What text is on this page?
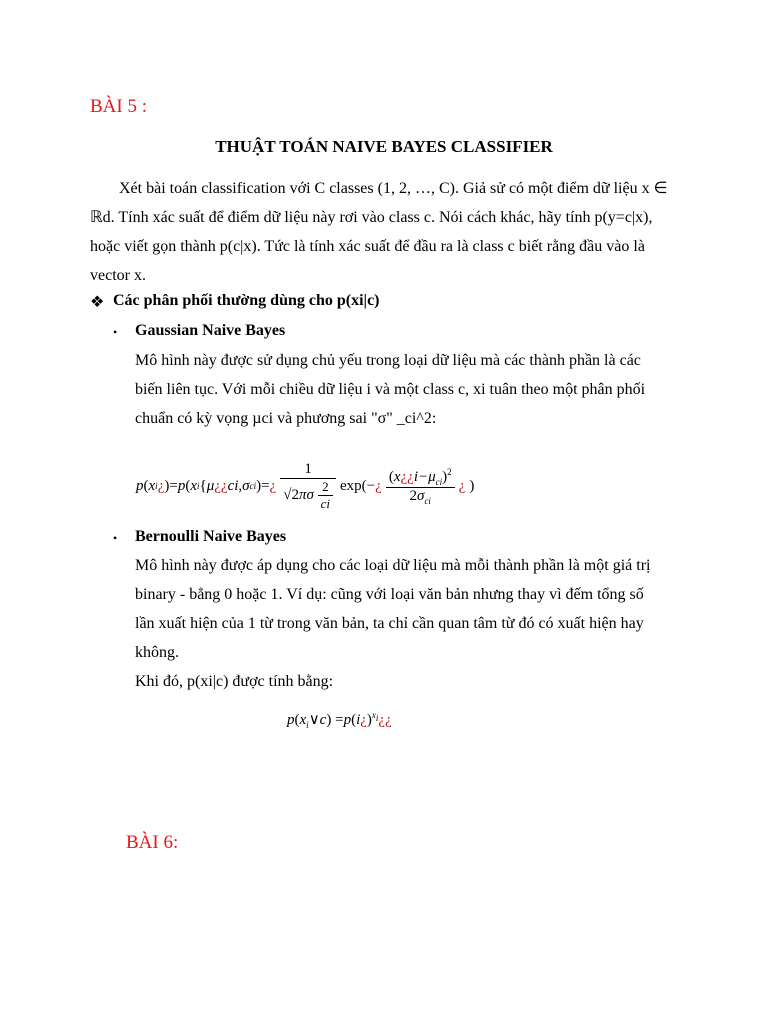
BÀI 5 :
THUẬT TOÁN NAIVE BAYES CLASSIFIER
Xét bài toán classification với C classes (1, 2, …, C). Giả sử có một điểm dữ liệu x ∈
ℝd. Tính xác suất để điểm dữ liệu này rơi vào class c. Nói cách khác, hãy tính p(y=c|x),
hoặc viết gọn thành p(c|x). Tức là tính xác suất để đầu ra là class c biết rằng đầu vào là
vector x.
❖ Các phân phối thường dùng cho p(xi|c)
• Gaussian Naive Bayes
Mô hình này được sử dụng chủ yếu trong loại dữ liệu mà các thành phần là các
biến liên tục. Với mỗi chiều dữ liệu i và một class c, xi tuân theo một phân phối
chuẩn có kỳ vọng µci và phương sai "σ" _ci^2:
p ( x i ¿ ) = p ( x i { μ ¿ ¿ ci , σ ci ) = ¿ $\frac{1}{√2\pi\sigma \frac{2}{ci}} \exp(-$ ¿ $\frac{(x¿¿i-\mu_{ci})^2}{2\sigma_{ci}}$ ¿ )
• Bernoulli Naive Bayes
Mô hình này được áp dụng cho các loại dữ liệu mà mỗi thành phần là một giá trị
binary - bẳng 0 hoặc 1. Ví dụ: cũng với loại văn bản nhưng thay vì đếm tổng số
lần xuất hiện của 1 từ trong văn bản, ta chỉ cần quan tâm từ đó có xuất hiện hay
không.
Khi đó, p(xi|c) được tính bằng:
$p(x_i\vee c)$ =p(i¿)$^{x_i}$¿¿
BÀI 6:
